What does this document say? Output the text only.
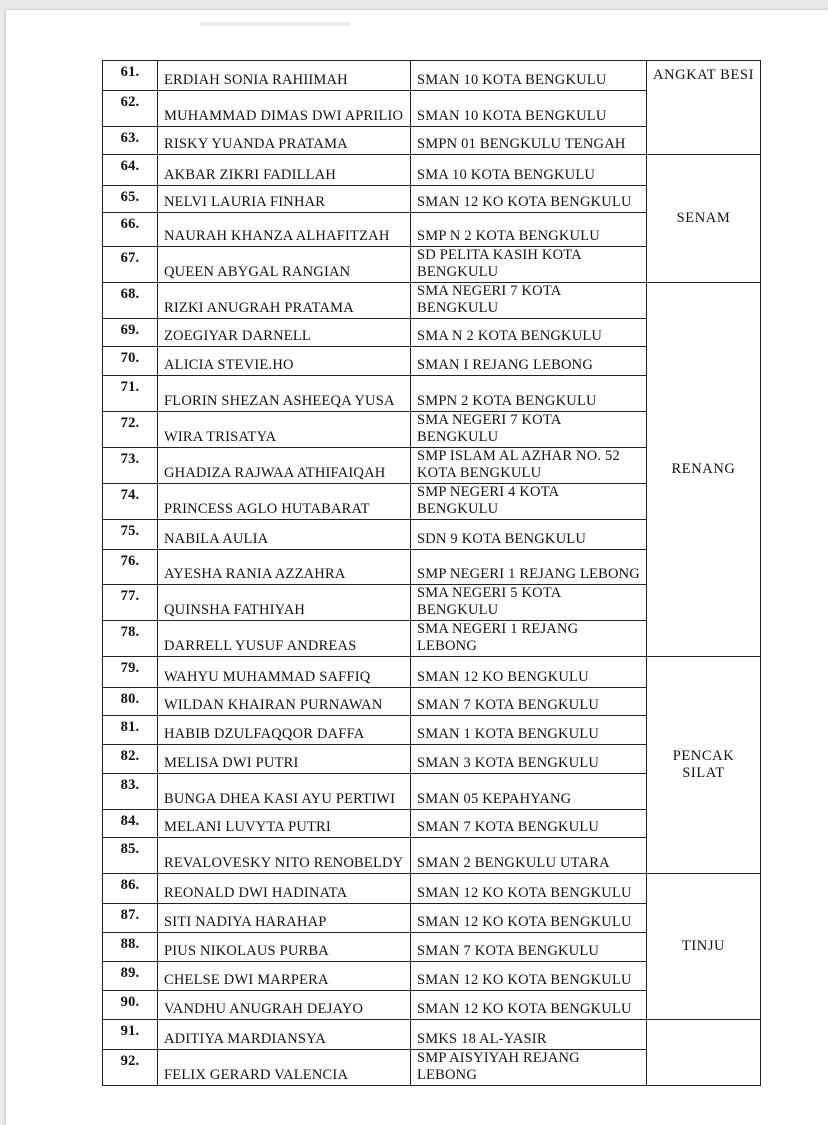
61.	ERDIAH SONIA RAHIIMAH	SMAN 10 KOTA BENGKULU	ANGKAT BESI
62.	MUHAMMAD DIMAS DWI APRILIO	SMAN 10 KOTA BENGKULU	
63.	RISKY YUANDA PRATAMA	SMPN 01 BENGKULU TENGAH	
64.	AKBAR ZIKRI FADILLAH	SMA 10 KOTA BENGKULU	SENAM
65.	NELVI LAURIA FINHAR	SMAN 12 KO KOTA BENGKULU	
66.	NAURAH KHANZA ALHAFITZAH	SMP N 2 KOTA BENGKULU	
67.	QUEEN ABYGAL RANGIAN	SD PELITA KASIH KOTA BENGKULU	
68.	RIZKI ANUGRAH PRATAMA	SMA NEGERI 7 KOTA BENGKULU	RENANG
69.	ZOEGIYAR DARNELL	SMA N 2 KOTA BENGKULU	
70.	ALICIA STEVIE.HO	SMAN I REJANG LEBONG	
71.	FLORIN SHEZAN ASHEEQA YUSA	SMPN 2 KOTA BENGKULU	
72.	WIRA TRISATYA	SMA NEGERI 7 KOTA BENGKULU	
73.	GHADIZA RAJWAA ATHIFAIQAH	SMP ISLAM AL AZHAR NO. 52 KOTA BENGKULU	
74.	PRINCESS AGLO HUTABARAT	SMP NEGERI 4 KOTA BENGKULU	
75.	NABILA AULIA	SDN 9 KOTA BENGKULU	
76.	AYESHA RANIA AZZAHRA	SMP NEGERI 1 REJANG LEBONG	
77.	QUINSHA FATHIYAH	SMA NEGERI 5 KOTA BENGKULU	
78.	DARRELL YUSUF ANDREAS	SMA NEGERI 1 REJANG LEBONG	
79.	WAHYU MUHAMMAD SAFFIQ	SMAN 12 KO BENGKULU	PENCAK SILAT
80.	WILDAN KHAIRAN PURNAWAN	SMAN 7 KOTA BENGKULU	
81.	HABIB DZULFAQQOR DAFFA	SMAN 1 KOTA BENGKULU	
82.	MELISA DWI PUTRI	SMAN 3 KOTA BENGKULU	
83.	BUNGA DHEA KASI AYU PERTIWI	SMAN 05 KEPAHYANG	
84.	MELANI LUVYTA PUTRI	SMAN 7 KOTA BENGKULU	
85.	REVALOVESKY NITO RENOBELDY	SMAN 2 BENGKULU UTARA	
86.	REONALD DWI HADINATA	SMAN 12 KO KOTA BENGKULU	TINJU
87.	SITI NADIYA HARAHAP	SMAN 12 KO KOTA BENGKULU	
88.	PIUS NIKOLAUS PURBA	SMAN 7 KOTA BENGKULU	
89.	CHELSE DWI MARPERA	SMAN 12 KO KOTA BENGKULU	
90.	VANDHU ANUGRAH DEJAYO	SMAN 12 KO KOTA BENGKULU	
91.	ADITIYA MARDIANSYA	SMKS 18 AL-YASIR	
92.	FELIX GERARD VALENCIA	SMP AISYIYAH REJANG LEBONG	
